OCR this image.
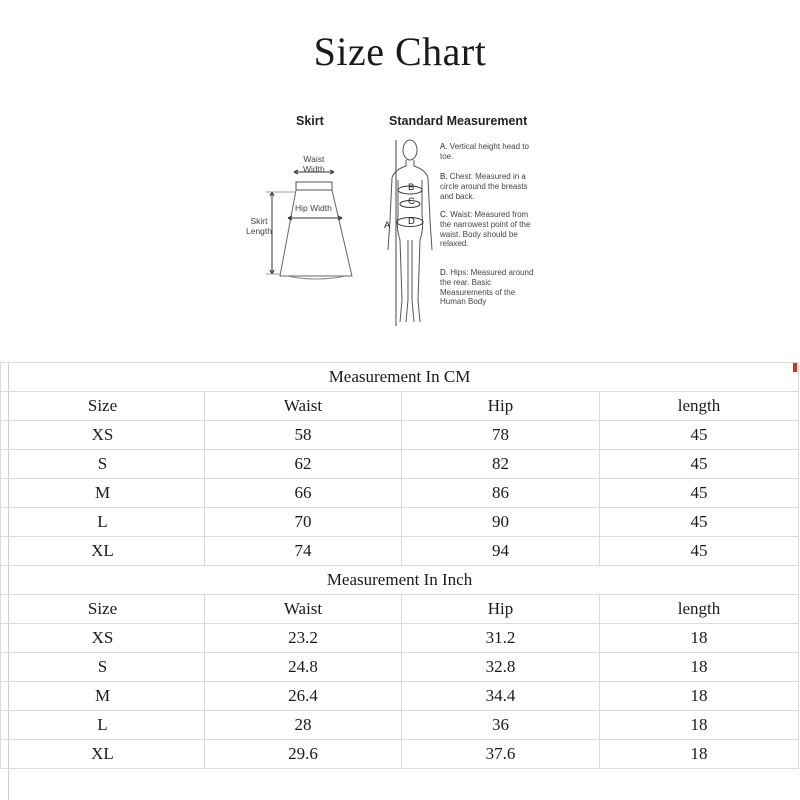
Size Chart
Skirt	Standard Measurement
Waist
Width
Hip Width
Skirt
Length	A
B
C
D
A. Vertical height head to toe.
B. Chest: Measured in a circle around the breasts and back.
C. Waist: Measured from the narrowest point of the waist. Body should be relaxed.
D. Hips: Measured around the rear. Basic Measurements of the Human Body
Measurement In CM			
Size	Waist	Hip	length
XS	58	78	45
S	62	82	45
M	66	86	45
L	70	90	45
XL	74	94	45
Measurement In Inch			
Size	Waist	Hip	length
XS	23.2	31.2	18
S	24.8	32.8	18
M	26.4	34.4	18
L	28	36	18
XL	29.6	37.6	18
